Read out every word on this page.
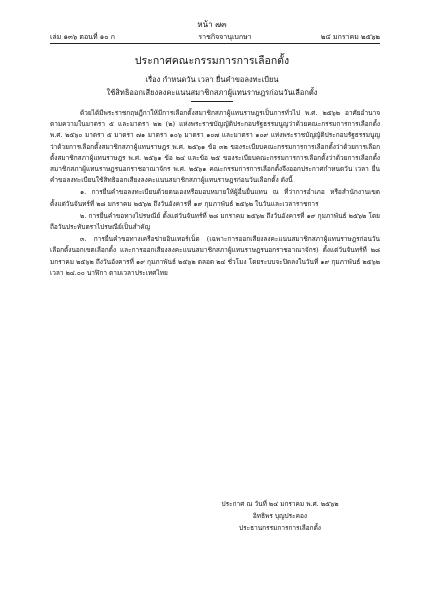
หน้า ๗๓
เล่ม ๑๓๖ ตอนที่ ๑๐ ก	ราชกิจจานุเบกษา	๒๔ มกราคม ๒๕๖๒
ประกาศคณะกรรมการการเลือกตั้ง
เรื่อง กำหนดวัน เวลา ยื่นคำขอลงทะเบียน
ใช้สิทธิออกเสียงลงคะแนนสมาชิกสภาผู้แทนราษฎรก่อนวันเลือกตั้ง

ด้วยได้มีพระราชกฤษฎีกาให้มีการเลือกตั้งสมาชิกสภาผู้แทนราษฎรเป็นการทั่วไป พ.ศ. ๒๕๖๒ อาศัยอำนาจตามความในมาตรา ๕ และมาตรา ๒๒ (๒) แห่งพระราชบัญญัติประกอบรัฐธรรมนูญว่าด้วยคณะกรรมการการเลือกตั้ง พ.ศ. ๒๕๖๐ มาตรา ๕ มาตรา ๗๑ มาตรา ๑๐๖ มาตรา ๑๐๗ และมาตรา ๑๐๙ แห่งพระราชบัญญัติประกอบรัฐธรรมนูญว่าด้วยการเลือกตั้งสมาชิกสภาผู้แทนราษฎร พ.ศ. ๒๕๖๑ ข้อ ๓๒ ของระเบียบคณะกรรมการการเลือกตั้งว่าด้วยการเลือกตั้งสมาชิกสภาผู้แทนราษฎร พ.ศ. ๒๕๖๑ ข้อ ๒๔ และข้อ ๒๕ ของระเบียบคณะกรรมการการเลือกตั้งว่าด้วยการเลือกตั้งสมาชิกสภาผู้แทนราษฎรนอกราชอาณาจักร พ.ศ. ๒๕๖๑ คณะกรรมการการเลือกตั้งจึงออกประกาศกำหนดวัน เวลา ยื่นคำขอลงทะเบียนใช้สิทธิออกเสียงลงคะแนนสมาชิกสภาผู้แทนราษฎรก่อนวันเลือกตั้ง ดังนี้

๑. การยื่นคำขอลงทะเบียนด้วยตนเองหรือมอบหมายให้ผู้อื่นยื่นแทน ณ ที่ว่าการอำเภอ หรือสำนักงานเขต ตั้งแต่วันจันทร์ที่ ๒๘ มกราคม ๒๕๖๒ ถึงวันอังคารที่ ๑๙ กุมภาพันธ์ ๒๕๖๒ ในวันและเวลาราชการ

๒. การยื่นคำขอทางไปรษณีย์ ตั้งแต่วันจันทร์ที่ ๒๘ มกราคม ๒๕๖๒ ถึงวันอังคารที่ ๑๙ กุมภาพันธ์ ๒๕๖๒ โดยถือวันประทับตราไปรษณีย์เป็นสำคัญ

๓. การยื่นคำขอทางเครือข่ายอินเทอร์เน็ต (เฉพาะการออกเสียงลงคะแนนสมาชิกสภาผู้แทนราษฎรก่อนวันเลือกตั้งนอกเขตเลือกตั้ง และการออกเสียงลงคะแนนสมาชิกสภาผู้แทนราษฎรนอกราชอาณาจักร) ตั้งแต่วันจันทร์ที่ ๒๘ มกราคม ๒๕๖๒ ถึงวันอังคารที่ ๑๙ กุมภาพันธ์ ๒๕๖๒ ตลอด ๒๔ ชั่วโมง โดยระบบจะปิดลงในวันที่ ๑๙ กุมภาพันธ์ ๒๕๖๒ เวลา ๒๔.๐๐ นาฬิกา ตามเวลาประเทศไทย

ประกาศ ณ วันที่ ๒๔ มกราคม พ.ศ. ๒๕๖๒
อิทธิพร บุญประคอง
ประธานกรรมการการเลือกตั้ง
